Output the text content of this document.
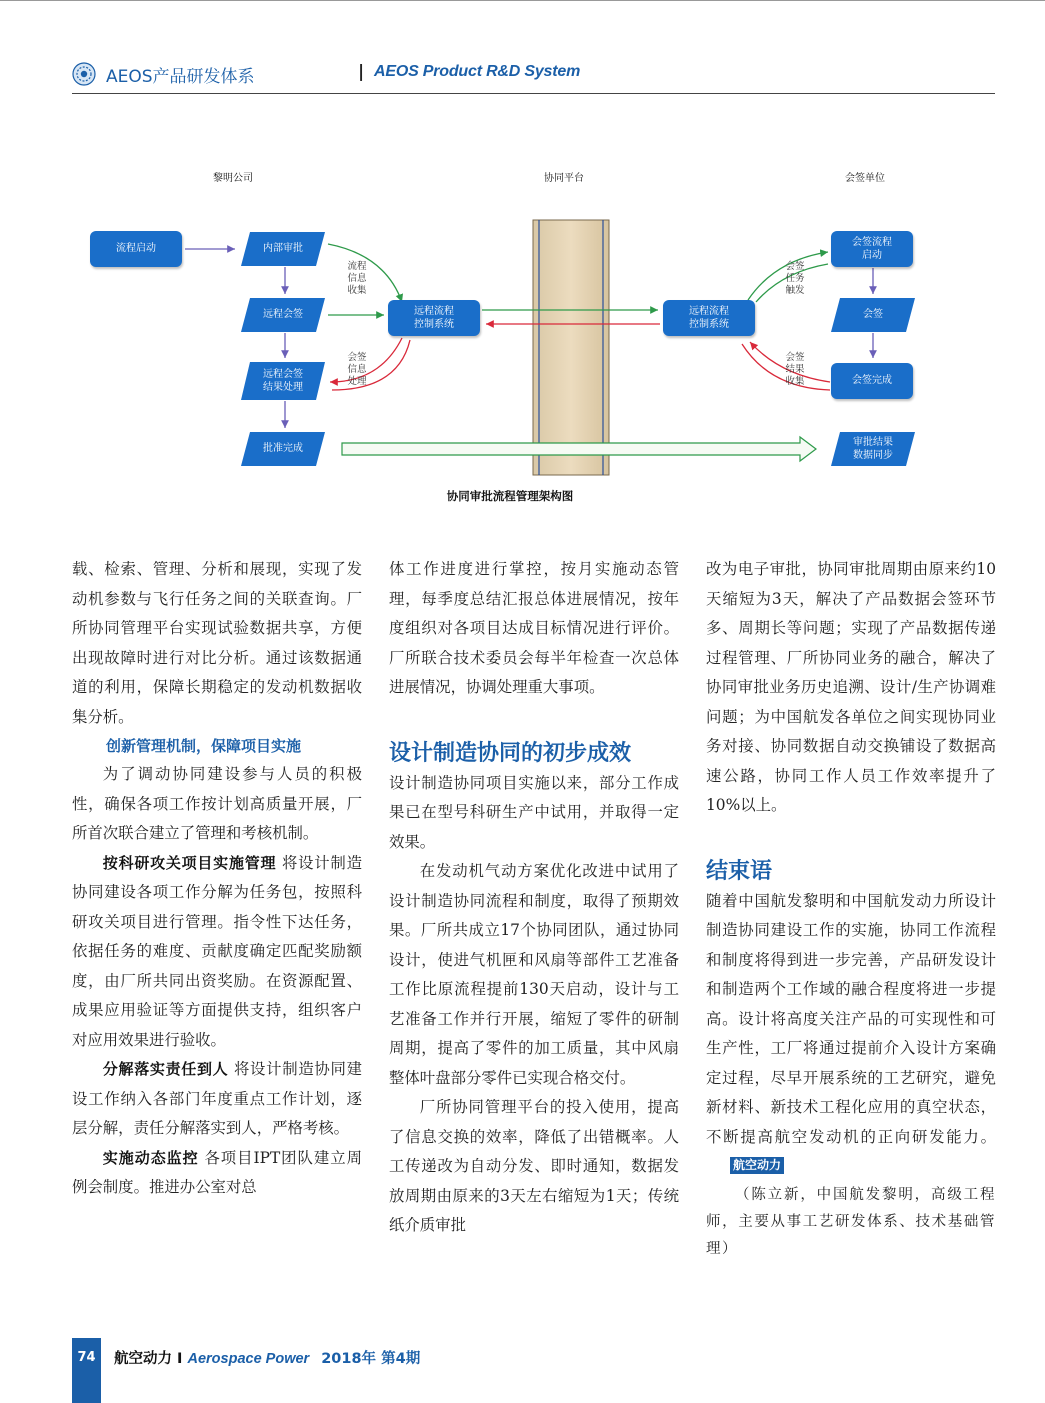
AEOS产品研发体系	| AEOS Product R&D System
黎明公司	协同平台	会签单位
流程启动	内部审批
远程会签
远程会签
结果处理
批准完成
远程流程
控制系统
远程流程
控制系统
会签流程
启动
会签
会签完成
审批结果
数据同步
流程信息收集
会签信息处理
会签任务触发
会签结果收集
协同审批流程管理架构图

载、检索、管理、分析和展现，实现了发动机参数与飞行任务之间的关联查询。厂所协同管理平台实现试验数据共享，方便出现故障时进行对比分析。通过该数据通道的利用，保障长期稳定的发动机数据收集分析。

创新管理机制，保障项目实施

为了调动协同建设参与人员的积极性，确保各项工作按计划高质量开展，厂所首次联合建立了管理和考核机制。

按科研攻关项目实施管理 将设计制造协同建设各项工作分解为任务包，按照科研攻关项目进行管理。指令性下达任务，依据任务的难度、贡献度确定匹配奖励额度，由厂所共同出资奖励。在资源配置、成果应用验证等方面提供支持，组织客户对应用效果进行验收。

分解落实责任到人 将设计制造协同建设工作纳入各部门年度重点工作计划，逐层分解，责任分解落实到人，严格考核。

实施动态监控 各项目IPT团队建立周例会制度。推进办公室对总

体工作进度进行掌控，按月实施动态管理，每季度总结汇报总体进展情况，按年度组织对各项目达成目标情况进行评价。厂所联合技术委员会每半年检查一次总体进展情况，协调处理重大事项。

设计制造协同的初步成效

设计制造协同项目实施以来，部分工作成果已在型号科研生产中试用，并取得一定效果。

在发动机气动方案优化改进中试用了设计制造协同流程和制度，取得了预期效果。厂所共成立17个协同团队，通过协同设计，使进气机匣和风扇等部件工艺准备工作比原流程提前130天启动，设计与工艺准备工作并行开展，缩短了零件的研制周期，提高了零件的加工质量，其中风扇整体叶盘部分零件已实现合格交付。

厂所协同管理平台的投入使用，提高了信息交换的效率，降低了出错概率。人工传递改为自动分发、即时通知，数据发放周期由原来的3天左右缩短为1天；传统纸介质审批

改为电子审批，协同审批周期由原来约10天缩短为3天，解决了产品数据会签环节多、周期长等问题；实现了产品数据传递过程管理、厂所协同业务的融合，解决了协同审批业务历史追溯、设计/生产协调难问题；为中国航发各单位之间实现协同业务对接、协同数据自动交换铺设了数据高速公路，协同工作人员工作效率提升了10%以上。

结束语

随着中国航发黎明和中国航发动力所设计制造协同建设工作的实施，协同工作流程和制度将得到进一步完善，产品研发设计和制造两个工作域的融合程度将进一步提高。设计将高度关注产品的可实现性和可生产性，工厂将通过提前介入设计方案确定过程，尽早开展系统的工艺研究，避免新材料、新技术工程化应用的真空状态，不断提高航空发动机的正向研发能力。航空动力

（陈立新，中国航发黎明，高级工程师，主要从事工艺研发体系、技术基础管理）

74	航空动力 I Aerospace Power 2018年 第4期
